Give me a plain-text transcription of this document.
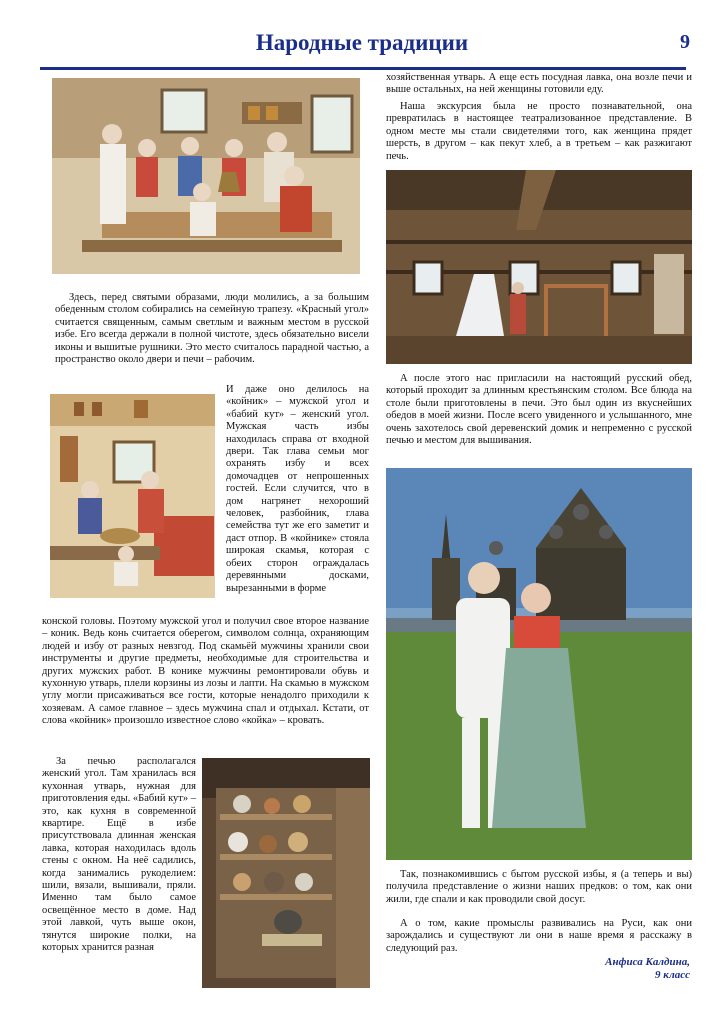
Народные традиции	9

Здесь, перед святыми образами, люди молились, а за большим обеденным столом собирались на семейную трапезу. «Красный угол» считается священным, самым светлым и важным местом в русской избе. Его всегда держали в полной чистоте, здесь обязательно висели иконы и вышитые рушники. Это место считалось парадной частью, а пространство около двери и печи – рабочим.

И даже оно делилось на «койник» – мужской угол и «бабий кут» – женский угол. Мужская часть избы находилась справа от входной двери. Так глава семьи мог охранять избу и всех домочадцев от непрошенных гостей. Если случится, что в дом нагрянет нехороший человек, разбойник, глава семейства тут же его заметит и даст отпор. В «койнике» стояла широкая скамья, которая с обеих сторон ограждалась деревянными досками, вырезанными в форме

конской головы. Поэтому мужской угол и получил свое второе название – коник. Ведь конь считается оберегом, символом солнца, охраняющим людей и избу от разных невзгод. Под скамьёй мужчины хранили свои инструменты и другие предметы, необходимые для строительства и других мужских работ. В конике мужчины ремонтировали обувь и кухонную утварь, плели корзины из лозы и лапти. На скамью в мужском углу могли присаживаться все гости, которые ненадолго приходили к хозяевам. А самое главное – здесь мужчина спал и отдыхал. Кстати, от слова «койник» произошло известное слово «койка» – кровать.

За печью располагался женский угол. Там хранилась вся кухонная утварь, нужная для приготовления еды. «Бабий кут» – это, как кухня в современной квартире. Ещё в избе присутствовала длинная женская лавка, которая находилась вдоль стены с окном. На неё садились, когда занимались рукоделием: шили, вязали, вышивали, пряли. Именно там было самое освещённое место в доме. Над этой лавкой, чуть выше окон, тянутся широкие полки, на которых хранится разная

хозяйственная утварь. А еще есть посудная лавка, она возле печи и выше остальных, на ней женщины готовили еду.

Наша экскурсия была не просто познавательной, она превратилась в настоящее театрализованное представление. В одном месте мы стали свидетелями того, как женщина прядет шерсть, в другом – как пекут хлеб, а в третьем – как разжигают печь.

А после этого нас пригласили на настоящий русский обед, который проходит за длинным крестьянским столом. Все блюда на столе были приготовлены в печи. Это был один из вкуснейших обедов в моей жизни. После всего увиденного и услышанного, мне очень захотелось свой деревенский домик и непременно с русской печью и местом для вышивания.

Так, познакомившись с бытом русской избы, я (а теперь и вы) получила представление о жизни наших предков: о том, как они жили, где спали и как проводили свой досуг.

А о том, какие промыслы развивались на Руси, как они зарождались и существуют ли они в наше время я расскажу в следующий раз.

Анфиса Калдина,
9 класс
